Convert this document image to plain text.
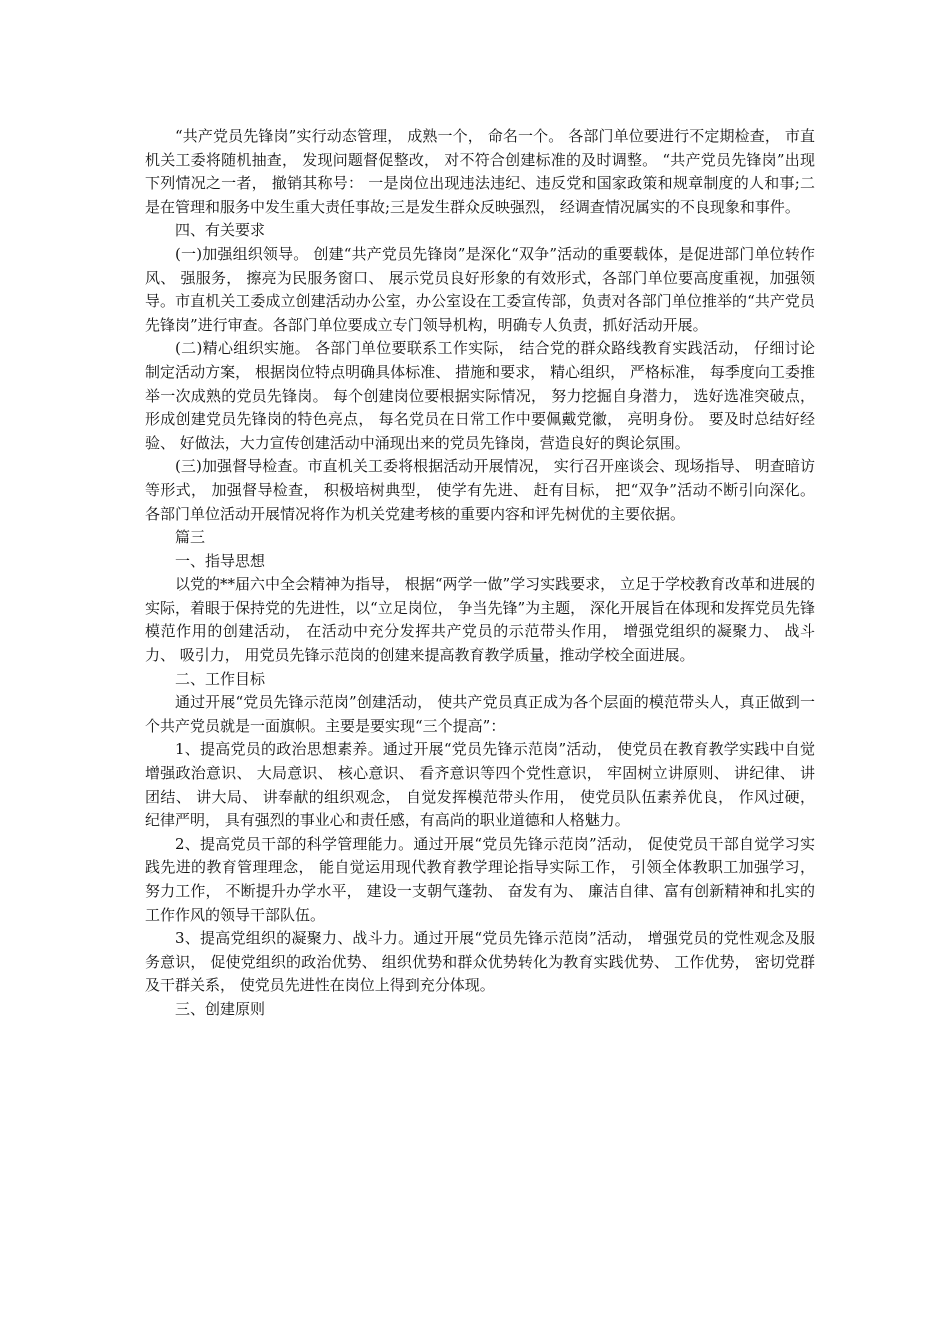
“共产党员先锋岗”实行动态管理， 成熟一个， 命名一个。 各部门单位要进行不定期检查， 市直机关工委将随机抽查， 发现问题督促整改， 对不符合创建标准的及时调整。 “共产党员先锋岗”出现下列情况之一者， 撤销其称号： 一是岗位出现违法违纪、违反党和国家政策和规章制度的人和事;二是在管理和服务中发生重大责任事故;三是发生群众反映强烈， 经调查情况属实的不良现象和事件。

四、有关要求

(一)加强组织领导。 创建“共产党员先锋岗”是深化“双争”活动的重要载体，是促进部门单位转作风、 强服务， 擦亮为民服务窗口、 展示党员良好形象的有效形式，各部门单位要高度重视，加强领导。市直机关工委成立创建活动办公室，办公室设在工委宣传部，负责对各部门单位推举的“共产党员先锋岗”进行审查。各部门单位要成立专门领导机构，明确专人负责，抓好活动开展。

(二)精心组织实施。 各部门单位要联系工作实际， 结合党的群众路线教育实践活动， 仔细讨论制定活动方案， 根据岗位特点明确具体标准、 措施和要求， 精心组织， 严格标准， 每季度向工委推举一次成熟的党员先锋岗。 每个创建岗位要根据实际情况， 努力挖掘自身潜力， 选好选准突破点， 形成创建党员先锋岗的特色亮点， 每名党员在日常工作中要佩戴党徽， 亮明身份。 要及时总结好经验、 好做法，大力宣传创建活动中涌现出来的党员先锋岗，营造良好的舆论氛围。

(三)加强督导检查。市直机关工委将根据活动开展情况， 实行召开座谈会、现场指导、 明查暗访等形式， 加强督导检查， 积极培树典型， 使学有先进、 赶有目标， 把“双争”活动不断引向深化。 各部门单位活动开展情况将作为机关党建考核的重要内容和评先树优的主要依据。

篇三

一、指导思想

以党的**届六中全会精神为指导， 根据“两学一做”学习实践要求， 立足于学校教育改革和进展的实际，着眼于保持党的先进性，以“立足岗位， 争当先锋”为主题， 深化开展旨在体现和发挥党员先锋模范作用的创建活动， 在活动中充分发挥共产党员的示范带头作用， 增强党组织的凝聚力、 战斗力、 吸引力， 用党员先锋示范岗的创建来提高教育教学质量，推动学校全面进展。

二、工作目标

通过开展“党员先锋示范岗”创建活动， 使共产党员真正成为各个层面的模范带头人，真正做到一个共产党员就是一面旗帜。主要是要实现“三个提高”：

1、提高党员的政治思想素养。通过开展“党员先锋示范岗”活动， 使党员在教育教学实践中自觉增强政治意识、 大局意识、 核心意识、 看齐意识等四个党性意识， 牢固树立讲原则、 讲纪律、 讲团结、 讲大局、 讲奉献的组织观念， 自觉发挥模范带头作用， 使党员队伍素养优良， 作风过硬， 纪律严明， 具有强烈的事业心和责任感，有高尚的职业道德和人格魅力。

2、提高党员干部的科学管理能力。通过开展“党员先锋示范岗”活动， 促使党员干部自觉学习实践先进的教育管理理念， 能自觉运用现代教育教学理论指导实际工作， 引领全体教职工加强学习， 努力工作， 不断提升办学水平， 建设一支朝气蓬勃、 奋发有为、 廉洁自律、富有创新精神和扎实的工作作风的领导干部队伍。

3、提高党组织的凝聚力、战斗力。通过开展“党员先锋示范岗”活动， 增强党员的党性观念及服务意识， 促使党组织的政治优势、 组织优势和群众优势转化为教育实践优势、 工作优势， 密切党群及干群关系， 使党员先进性在岗位上得到充分体现。

三、创建原则
